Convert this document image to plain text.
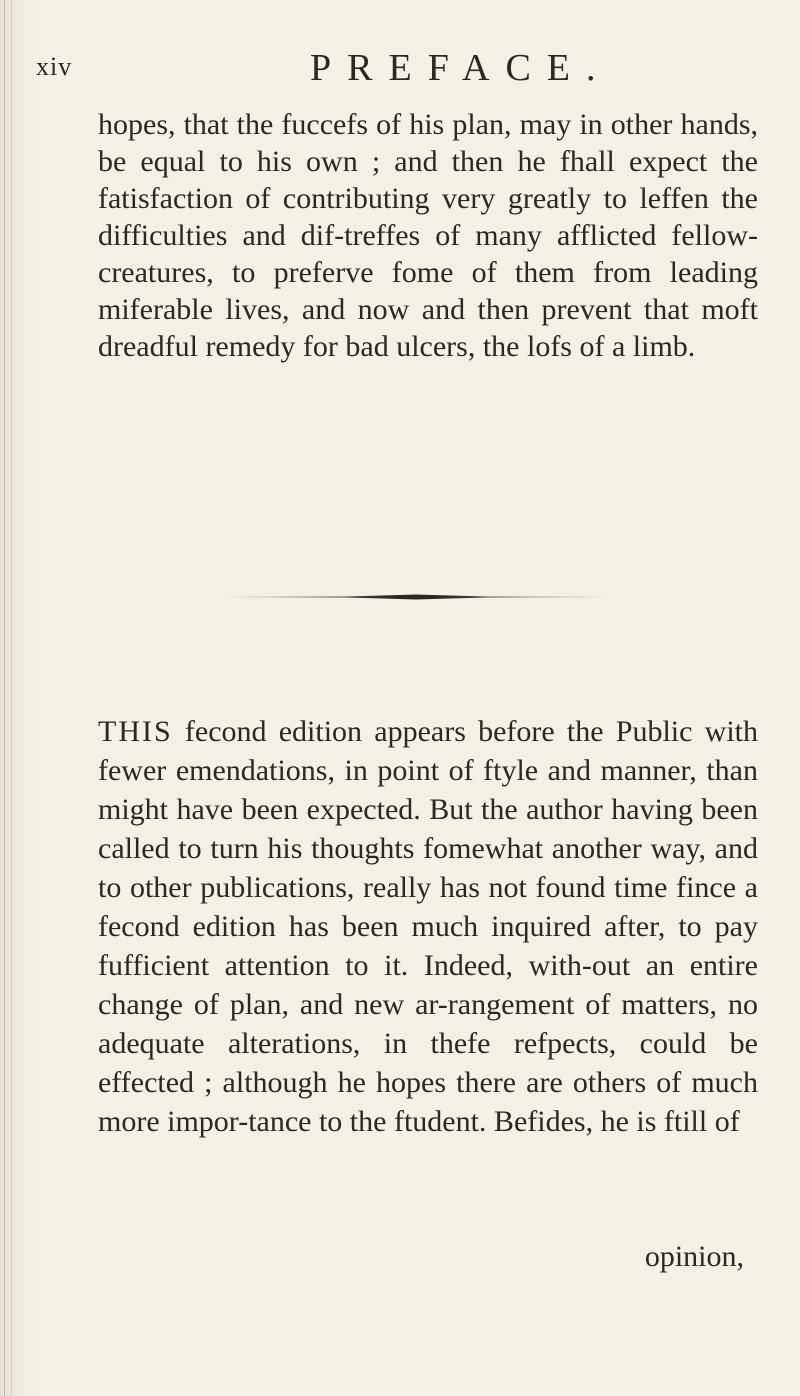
xiv	PREFACE.

hopes, that the fuccefs of his plan, may in other hands, be equal to his own ; and then he fhall expect the fatisfaction of contributing very greatly to leffen the difficulties and dif-treffes of many afflicted fellow-creatures, to preferve fome of them from leading miferable lives, and now and then prevent that moft dreadful remedy for bad ulcers, the lofs of a limb.

THIS fecond edition appears before the Public with fewer emendations, in point of ftyle and manner, than might have been expected. But the author having been called to turn his thoughts fomewhat another way, and to other publications, really has not found time fince a fecond edition has been much inquired after, to pay fufficient attention to it. Indeed, with-out an entire change of plan, and new ar-rangement of matters, no adequate alterations, in thefe refpects, could be effected ; although he hopes there are others of much more impor-tance to the ftudent. Befides, he is ftill of

opinion,
